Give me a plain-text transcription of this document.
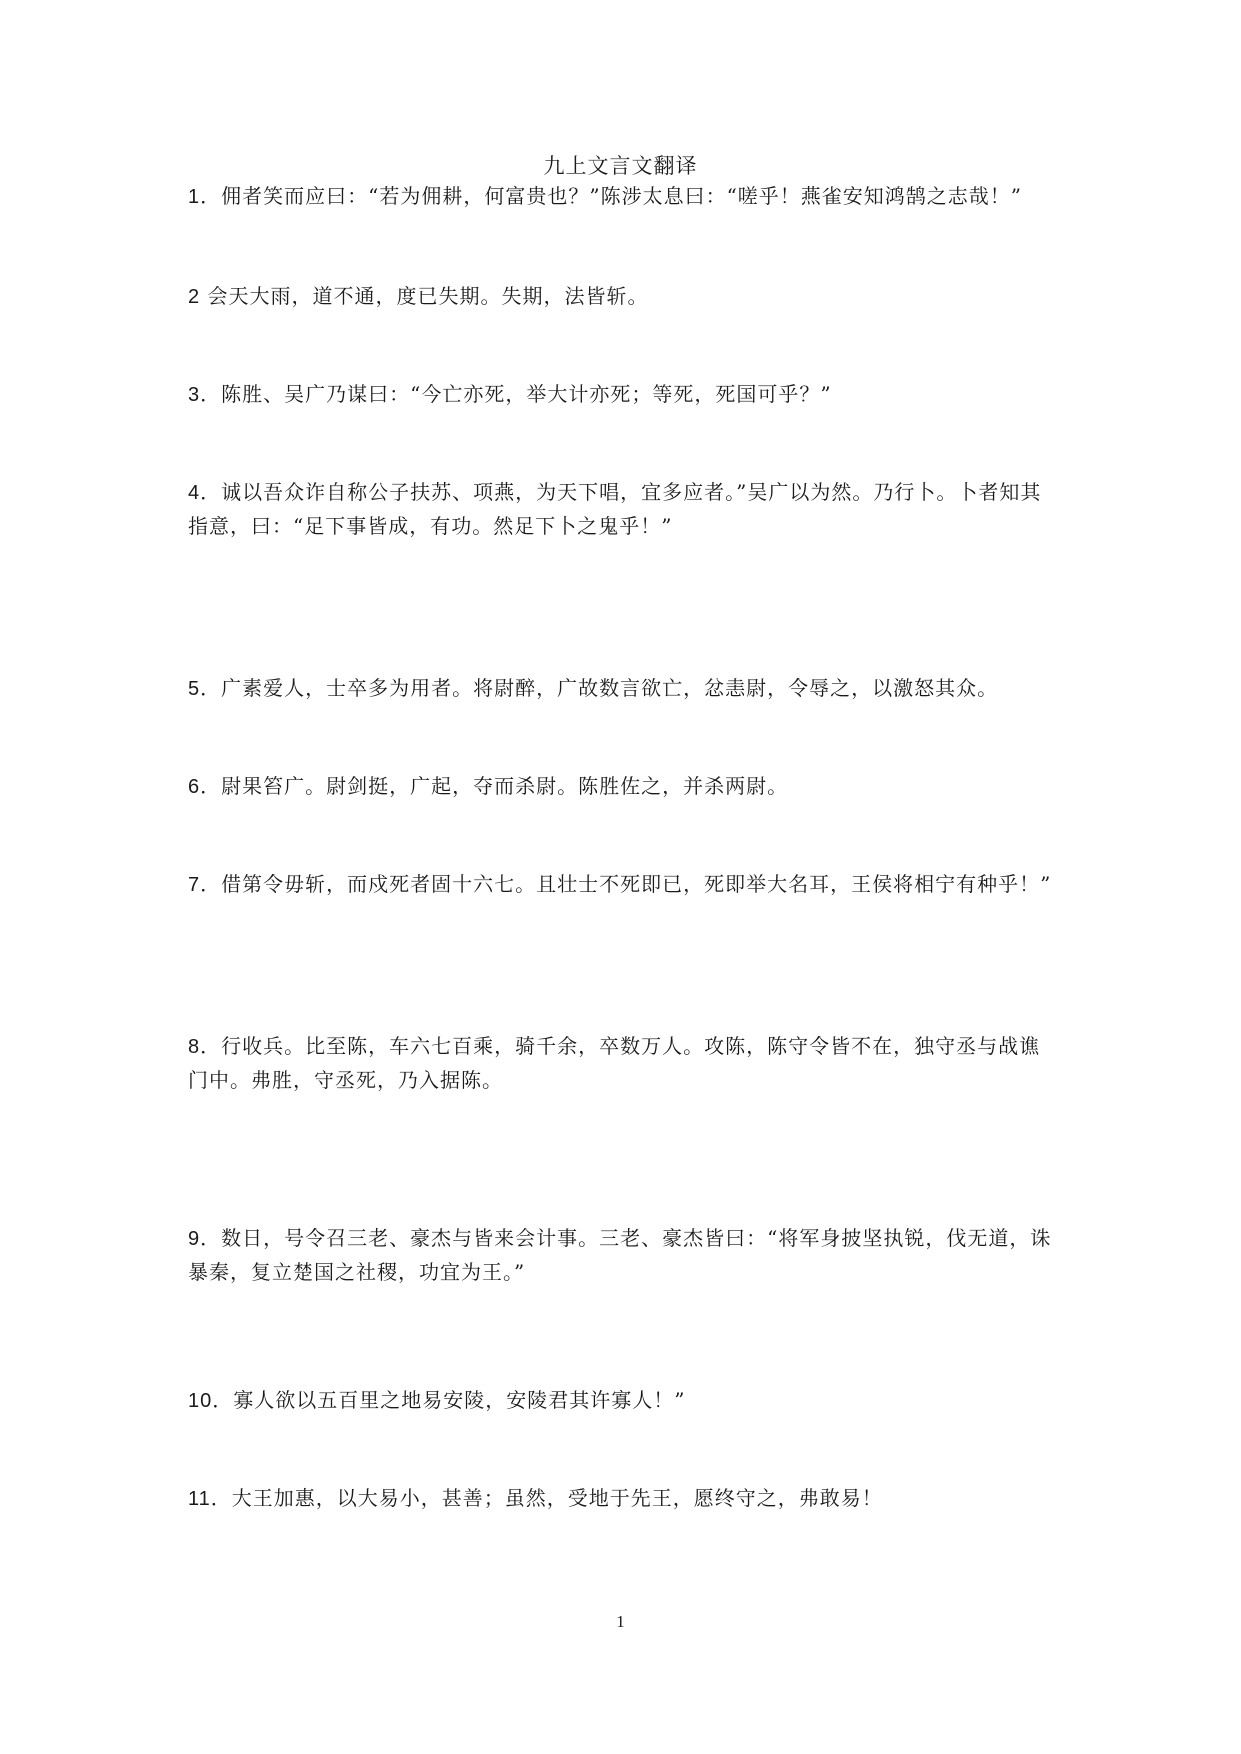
九上文言文翻译
1．佣者笑而应曰：“若为佣耕，何富贵也？”陈涉太息曰：“嗟乎！燕雀安知鸿鹄之志哉！”
2 会天大雨，道不通，度已失期。失期，法皆斩。
3．陈胜、吴广乃谋曰：“今亡亦死，举大计亦死；等死，死国可乎？”
4．诚以吾众诈自称公子扶苏、项燕，为天下唱，宜多应者。”吴广以为然。乃行卜。卜者知其指意，曰：“足下事皆成，有功。然足下卜之鬼乎！”
5．广素爱人，士卒多为用者。将尉醉，广故数言欲亡，忿恚尉，令辱之，以激怒其众。
6．尉果笞广。尉剑挺，广起，夺而杀尉。陈胜佐之，并杀两尉。
7．借第令毋斩，而戍死者固十六七。且壮士不死即已，死即举大名耳，王侯将相宁有种乎！”
8．行收兵。比至陈，车六七百乘，骑千余，卒数万人。攻陈，陈守令皆不在，独守丞与战谯门中。弗胜，守丞死，乃入据陈。
9．数日，号令召三老、豪杰与皆来会计事。三老、豪杰皆曰：“将军身披坚执锐，伐无道，诛暴秦，复立楚国之社稷，功宜为王。”
10．寡人欲以五百里之地易安陵，安陵君其许寡人！”
11．大王加惠，以大易小，甚善；虽然，受地于先王，愿终守之，弗敢易！
1
